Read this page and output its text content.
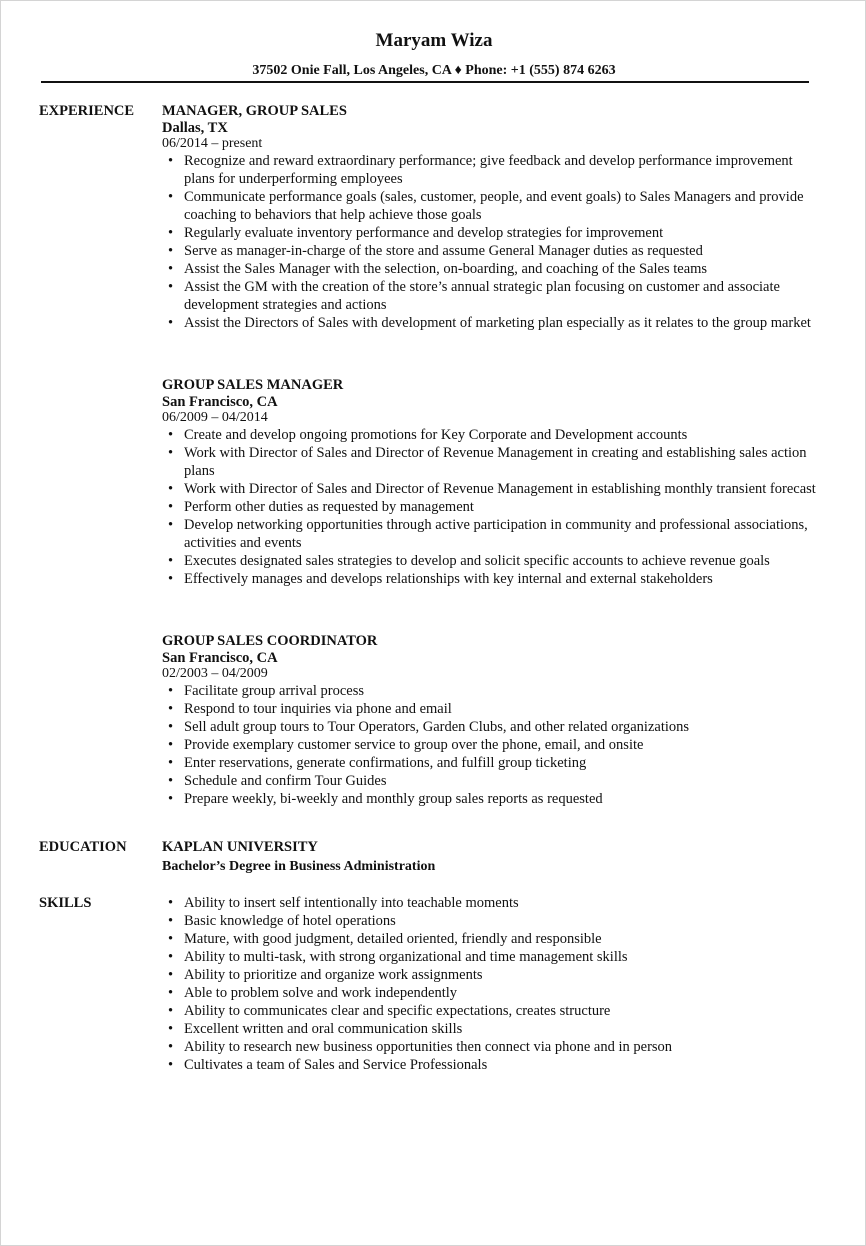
Maryam Wiza
37502 Onie Fall, Los Angeles, CA ♦ Phone: +1 (555) 874 6263
EXPERIENCE MANAGER, GROUP SALES
Dallas, TX
06/2014 – present
• Recognize and reward extraordinary performance; give feedback and develop performance improvement plans for underperforming employees
• Communicate performance goals (sales, customer, people, and event goals) to Sales Managers and provide coaching to behaviors that help achieve those goals
• Regularly evaluate inventory performance and develop strategies for improvement
• Serve as manager-in-charge of the store and assume General Manager duties as requested
• Assist the Sales Manager with the selection, on-boarding, and coaching of the Sales teams
• Assist the GM with the creation of the store’s annual strategic plan focusing on customer and associate development strategies and actions
• Assist the Directors of Sales with development of marketing plan especially as it relates to the group market
GROUP SALES MANAGER
San Francisco, CA
06/2009 – 04/2014
• Create and develop ongoing promotions for Key Corporate and Development accounts
• Work with Director of Sales and Director of Revenue Management in creating and establishing sales action plans
• Work with Director of Sales and Director of Revenue Management in establishing monthly transient forecast
• Perform other duties as requested by management
• Develop networking opportunities through active participation in community and professional associations, activities and events
• Executes designated sales strategies to develop and solicit specific accounts to achieve revenue goals
• Effectively manages and develops relationships with key internal and external stakeholders
GROUP SALES COORDINATOR
San Francisco, CA
02/2003 – 04/2009
• Facilitate group arrival process
• Respond to tour inquiries via phone and email
• Sell adult group tours to Tour Operators, Garden Clubs, and other related organizations
• Provide exemplary customer service to group over the phone, email, and onsite
• Enter reservations, generate confirmations, and fulfill group ticketing
• Schedule and confirm Tour Guides
• Prepare weekly, bi-weekly and monthly group sales reports as requested
EDUCATION KAPLAN UNIVERSITY
Bachelor’s Degree in Business Administration
SKILLS
•	Ability to insert self intentionally into teachable moments
• Basic knowledge of hotel operations
• Mature, with good judgment, detailed oriented, friendly and responsible
• Ability to multi-task, with strong organizational and time management skills
• Ability to prioritize and organize work assignments
• Able to problem solve and work independently
• Ability to communicates clear and specific expectations, creates structure
• Excellent written and oral communication skills
• Ability to research new business opportunities then connect via phone and in person
• Cultivates a team of Sales and Service Professionals
